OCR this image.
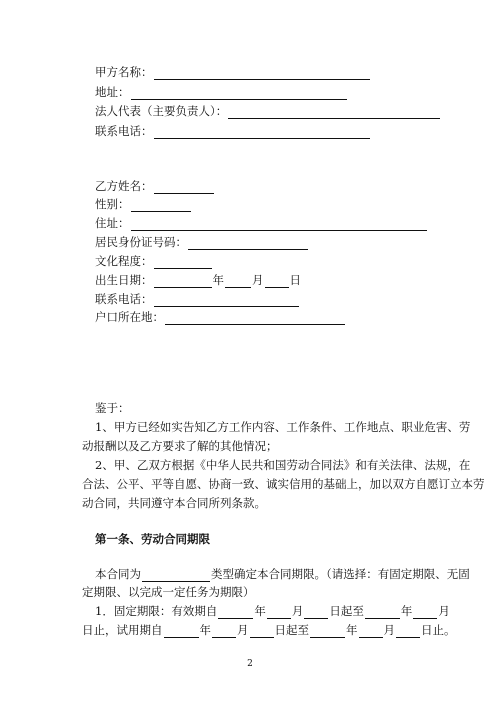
甲方名称：
地址：
法人代表（主要负责人）：
联系电话：
乙方姓名：
性别：
住址：
居民身份证号码：
文化程度：
出生日期：	年 月 日
联系电话：
户口所在地：
鉴于：
1、甲方已经如实告知乙方工作内容、工作条件、工作地点、职业危害、劳
动报酬以及乙方要求了解的其他情况；
2、甲、乙双方根据《中华人民共和国劳动合同法》和有关法律、法规，在
合法、公平、平等自愿、协商一致、诚实信用的基础上，加以双方自愿订立本劳
动合同，共同遵守本合同所列条款。
第一条、劳动合同期限
本合同为	类型确定本合同期限。（请选择：有固定期限、无固
定期限、以完成一定任务为期限）
1．固定期限：有效期自	年 月 日起至	年 月
日止，试用期自	年 月 日起至	年 月 日止。
2
